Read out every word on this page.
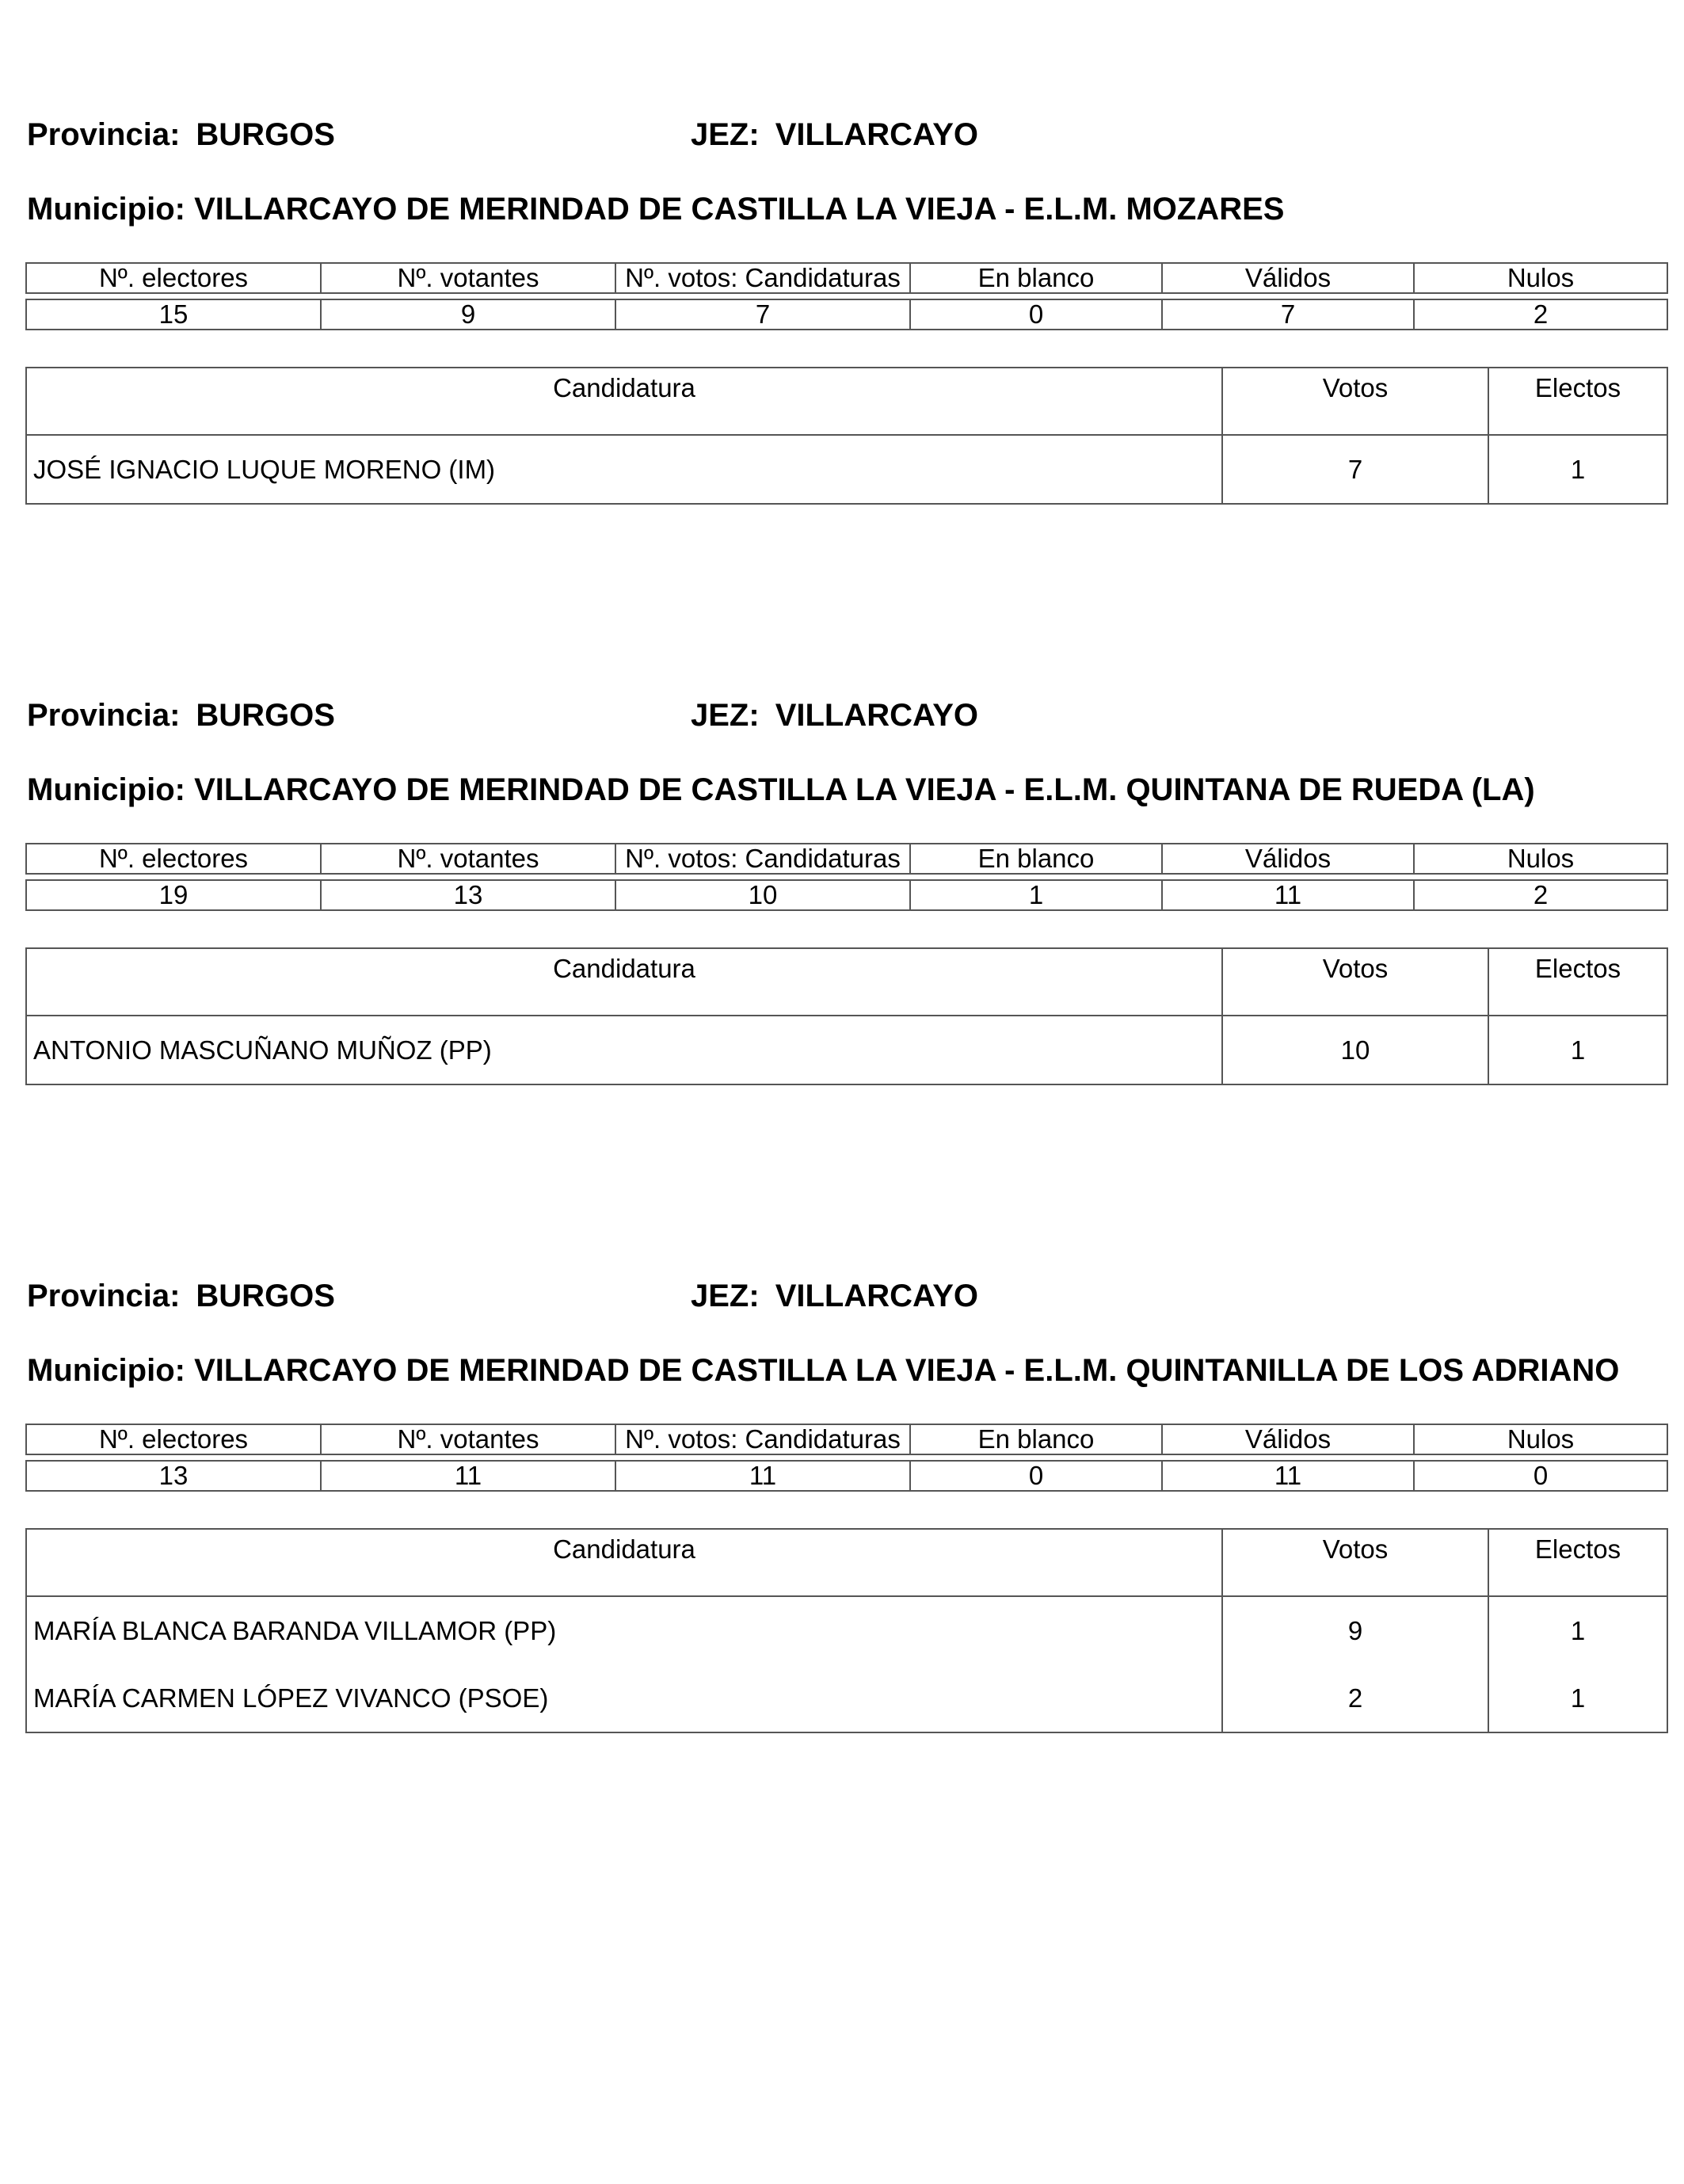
Provincia: BURGOS	JEZ: VILLARCAYO
Municipio: VILLARCAYO DE MERINDAD DE CASTILLA LA VIEJA - E.L.M. MOZARES
Nº. electores	Nº. votantes	Nº. votos: Candidaturas	En blanco	Válidos	Nulos

15	9	7	0	7	2
Candidatura	Votos	Electos
JOSÉ IGNACIO LUQUE MORENO (IM)	7	1
Provincia: BURGOS	JEZ: VILLARCAYO
Municipio: VILLARCAYO DE MERINDAD DE CASTILLA LA VIEJA - E.L.M. QUINTANA DE RUEDA (LA)
Nº. electores	Nº. votantes	Nº. votos: Candidaturas	En blanco	Válidos	Nulos

19	13	10	1	11	2
Candidatura	Votos	Electos
ANTONIO MASCUÑANO MUÑOZ (PP)	10	1
Provincia: BURGOS	JEZ: VILLARCAYO
Municipio: VILLARCAYO DE MERINDAD DE CASTILLA LA VIEJA - E.L.M. QUINTANILLA DE LOS ADRIANO
Nº. electores	Nº. votantes	Nº. votos: Candidaturas	En blanco	Válidos	Nulos

13	11	11	0	11	0
Candidatura	Votos	Electos
MARÍA BLANCA BARANDA VILLAMOR (PP)	9	1
MARÍA CARMEN LÓPEZ VIVANCO (PSOE)	2	1
